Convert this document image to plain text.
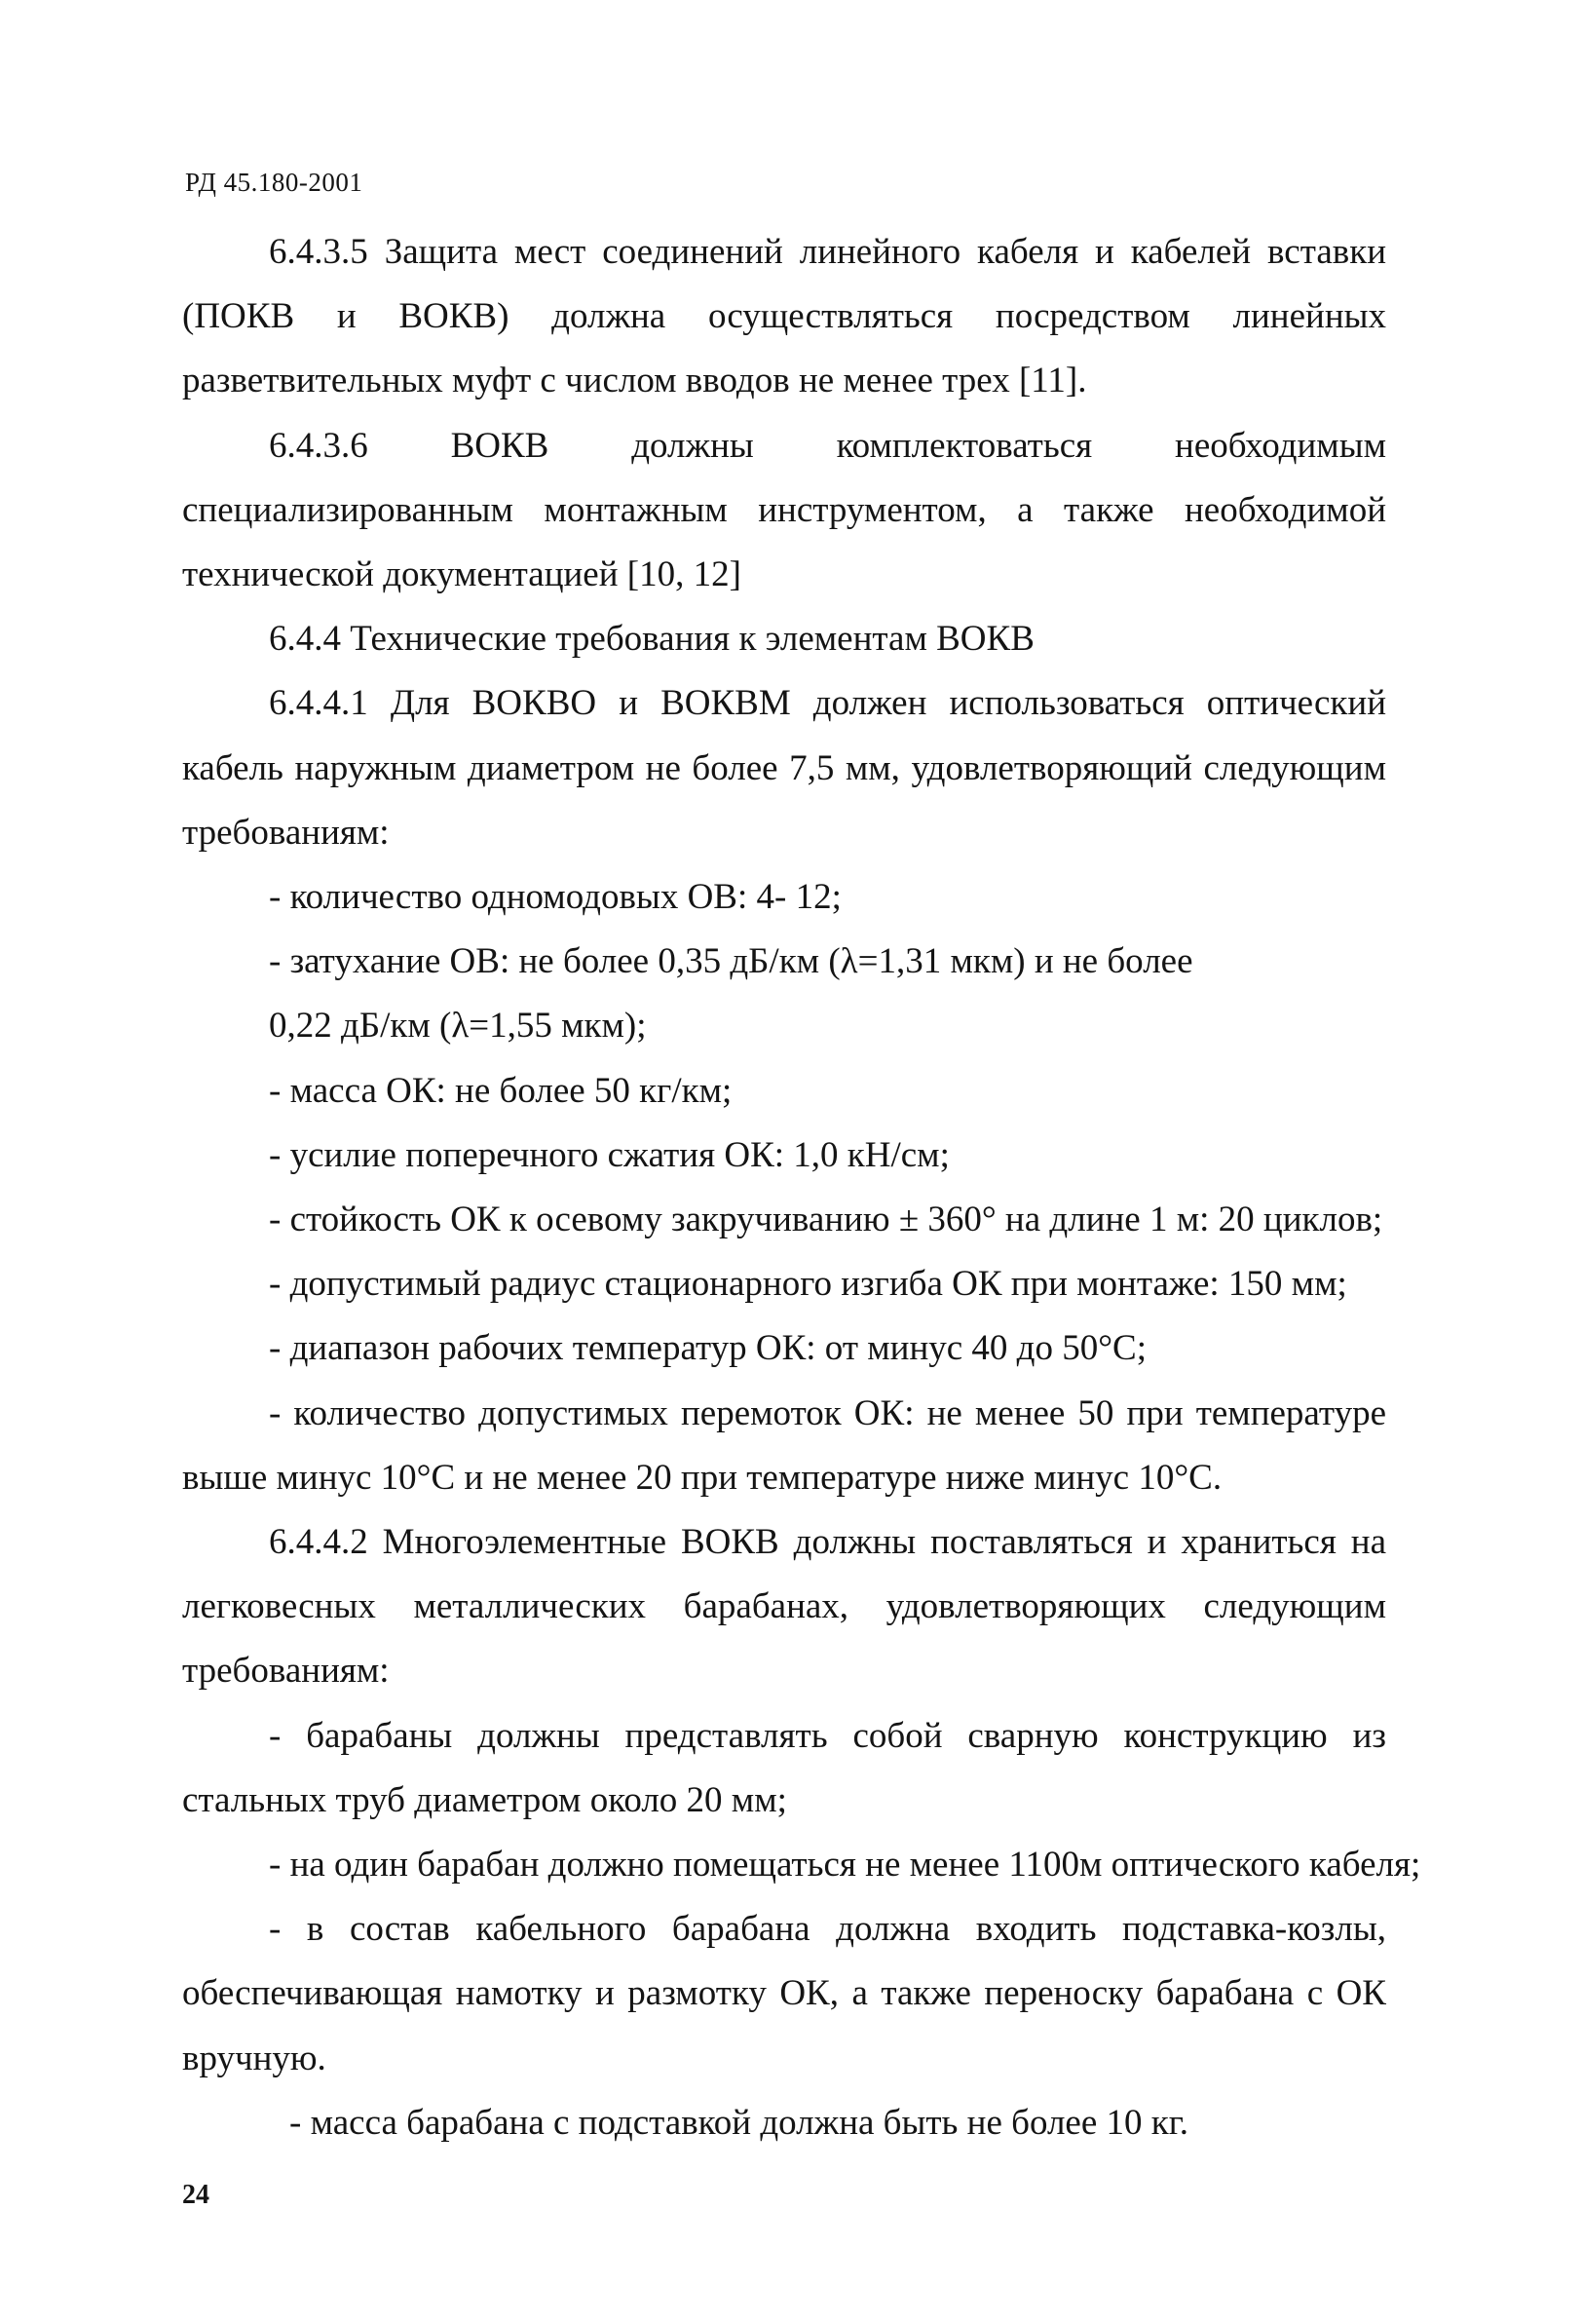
РД 45.180-2001

6.4.3.5 Защита мест соединений линейного кабеля и кабелей вставки (ПОКВ и ВОКВ) должна осуществляться посредством линейных разветвительных муфт с числом вводов не менее трех [11].

6.4.3.6 ВОКВ должны комплектоваться необходимым специализированным монтажным инструментом, а также необходимой технической документацией [10, 12]

6.4.4 Технические требования к элементам ВОКВ

6.4.4.1 Для ВОКВО и ВОКВМ должен использоваться оптический кабель наружным диаметром не более 7,5 мм, удовлетворяющий следующим требованиям:

- количество одномодовых ОВ: 4- 12;

- затухание ОВ: не более 0,35 дБ/км (λ=1,31 мкм) и не более

0,22 дБ/км (λ=1,55 мкм);

- масса ОК: не более 50 кг/км;

- усилие поперечного сжатия ОК: 1,0 кН/см;

- стойкость ОК к осевому закручиванию ± 360° на длине 1 м: 20 циклов;

- допустимый радиус стационарного изгиба ОК при монтаже: 150 мм;

- диапазон рабочих температур ОК: от минус 40 до 50°С;

- количество допустимых перемоток ОК: не менее 50 при температуре выше минус 10°С и не менее 20 при температуре ниже минус 10°С.

6.4.4.2 Многоэлементные ВОКВ должны поставляться и храниться на легковесных металлических барабанах, удовлетворяющих следующим требованиям:

- барабаны должны представлять собой сварную конструкцию из стальных труб диаметром около 20 мм;

- на один барабан должно помещаться не менее 1100м оптического кабеля;

- в состав кабельного барабана должна входить подставка-козлы, обеспечивающая намотку и размотку ОК, а также переноску барабана с ОК вручную.

- масса барабана с подставкой должна быть не более 10 кг.

24
